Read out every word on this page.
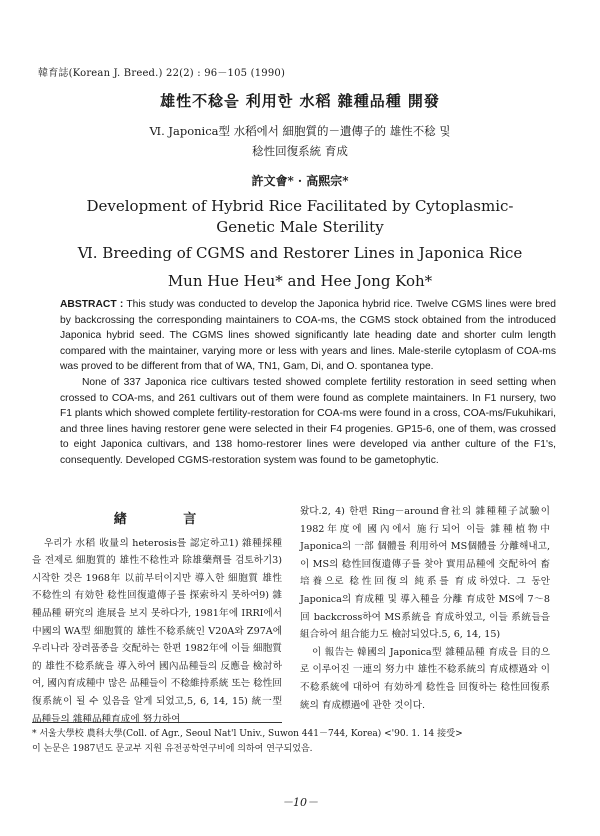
韓育誌(Korean J. Breed.) 22(2) : 96－105 (1990)
雄性不稔을 利用한 水稻 雜種品種 開發
Ⅵ. Japonica型 水稻에서 細胞質的－遺傳子的 雄性不稔 및
稔性回復系統 育成
許文會* · 高熙宗*
Development of Hybrid Rice Facilitated by Cytoplasmic-Genetic Male Sterility
Ⅵ. Breeding of CGMS and Restorer Lines in Japonica Rice
Mun Hue Heu* and Hee Jong Koh*

ABSTRACT : This study was conducted to develop the Japonica hybrid rice. Twelve CGMS lines were bred by backcrossing the corresponding maintainers to COA-ms, the CGMS stock obtained from the introduced Japonica hybrid seed. The CGMS lines showed significantly late heading date and shorter culm length compared with the maintainer, varying more or less with years and lines. Male-sterile cytoplasm of COA-ms was proved to be different from that of WA, TN1, Gam, Di, and O. spontanea type.

None of 337 Japonica rice cultivars tested showed complete fertility restoration in seed setting when crossed to COA-ms, and 261 cultivars out of them were found as complete maintainers. In F1 nursery, two F1 plants which showed complete fertility-restoration for COA-ms were found in a cross, COA-ms/Fukuhikari, and three lines having restorer gene were selected in their F4 progenies. GP15-6, one of them, was crossed to eight Japonica cultivars, and 138 homo-restorer lines were developed via anther culture of the F1's, consequently. Developed CGMS-restoration system was found to be gametophytic.

緖 言

우리가 水稻 收量의 heterosis를 認定하고1) 雜種採種을 전제로 細胞質的 雄性不稔性과 除雄藥劑를 검토하기3) 시작한 것은 1968年 以前부터이지만 導入한 細胞質 雄性不稔性의 有効한 稔性回復遺傳子를 探索하지 못하여9) 雜種品種 硏究의 進展을 보지 못하다가, 1981年에 IRRI에서 中國의 WA型 細胞質的 雄性不稔系統인 V20A와 Z97A에 우리나라 장려품종을 交配하는 한편 1982年에 이들 細胞質的 雄性不稔系統을 導入하여 國內品種들의 反應을 檢討하여, 國內育成種中 많은 品種들이 不稔維持系統 또는 稔性回復系統이 될 수 있음을 알게 되었고,5, 6, 14, 15) 統一型 品種들의 雜種品種育成에 努力하여

왔다.2, 4) 한편 Ring－around會社의 雜種種子試驗이 1982年度에 國內에서 施行되어 이들 雜種植物中 Japonica의 一部 個體를 利用하여 MS個體를 分離해내고, 이 MS의 稔性回復遺傳子를 찾아 實用品種에 交配하여 畜培養으로 稔性回復의 純系를 育成하였다. 그 동안 Japonica의 育成種 및 導入種을 分離 育成한 MS에 7～8回 backcross하여 MS系統을 育成하였고, 이들 系統들을 組合하여 組合能力도 檢討되었다.5, 6, 14, 15)

이 報告는 韓國의 Japonica型 雜種品種 育成을 目的으로 이루어진 一連의 努力中 雄性不稔系統의 育成標過와 이 不稔系統에 대하여 有効하게 稔性을 回復하는 稔性回復系統의 育成標過에 관한 것이다.

* 서울大學校 農科大學(Coll. of Agr., Seoul Nat'l Univ., Suwon 441－744, Korea) <'90. 1. 14 接受>

이 논문은 1987년도 문교부 지원 유전공학연구비에 의하여 연구되었음.

－10－
